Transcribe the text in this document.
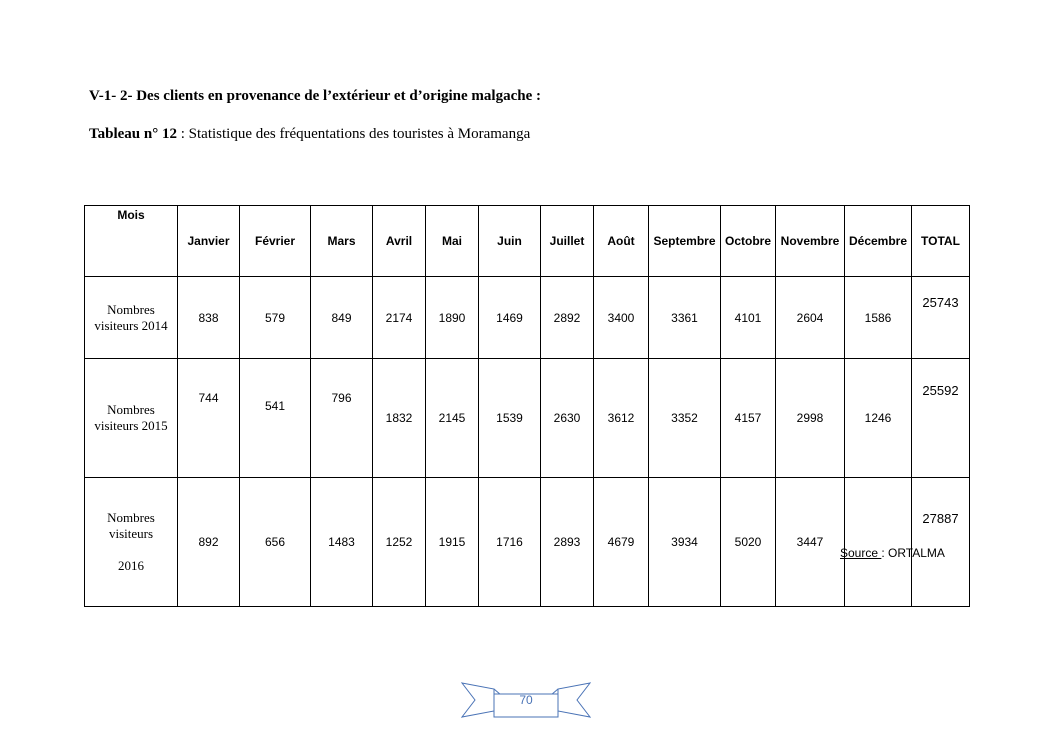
V-1- 2- Des clients en provenance de l’extérieur et d’origine malgache :
Tableau n° 12 : Statistique des fréquentations des touristes à Moramanga
Mois	Janvier	Février	Mars	Avril	Mai	Juin	Juillet	Août	Septembre	Octobre	Novembre	Décembre	TOTAL
Nombres
visiteurs 2014	838	579	849	2174	1890	1469	2892	3400	3361	4101	2604	1586	25743
Nombres
visiteurs 2015	744	541	796	1832	2145	1539	2630	3612	3352	4157	2998	1246	25592
Nombres
visiteurs

2016	892	656	1483	1252	1915	1716	2893	4679	3934	5020	3447		27887
Source : ORTALMA
70
